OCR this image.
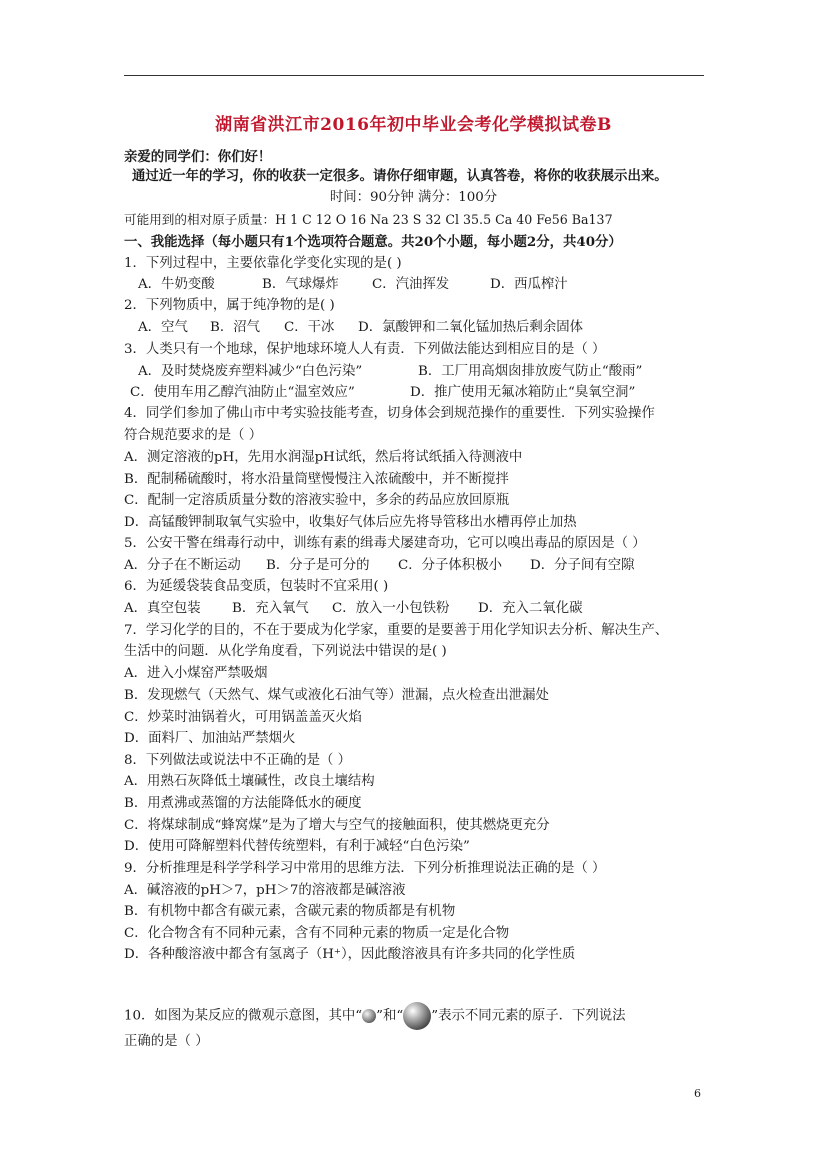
湖南省洪江市2016年初中毕业会考化学模拟试卷B
亲爱的同学们：你们好！
通过近一年的学习，你的收获一定很多。请你仔细审题，认真答卷，将你的收获展示出来。
时间：90分钟 满分：100分
可能用到的相对原子质量：H 1 C 12 O 16 Na 23 S 32 Cl 35.5 Ca 40 Fe56 Ba137
一、我能选择（每小题只有1个选项符合题意。共20个小题，每小题2分，共40分）
1．下列过程中，主要依靠化学变化实现的是( )
A．牛奶变酸	B．气球爆炸 C．汽油挥发	D．西瓜榨汁
2．下列物质中，属于纯净物的是( )
A．空气 B．沼气 C．干冰 D．氯酸钾和二氧化锰加热后剩余固体
3．人类只有一个地球，保护地球环境人人有责．下列做法能达到相应目的是（ ）
A．及时焚烧废弃塑料减少“白色污染”	B．工厂用高烟囱排放废气防止“酸雨”
C．使用车用乙醇汽油防止“温室效应”	D．推广使用无氟冰箱防止“臭氧空洞”
4．同学们参加了佛山市中考实验技能考查，切身体会到规范操作的重要性．下列实验操作
符合规范要求的是（ ）
A．测定溶液的pH，先用水润湿pH试纸，然后将试纸插入待测液中
B．配制稀硫酸时，将水沿量筒壁慢慢注入浓硫酸中，并不断搅拌
C．配制一定溶质质量分数的溶液实验中，多余的药品应放回原瓶
D．高锰酸钾制取氧气实验中，收集好气体后应先将导管移出水槽再停止加热
5．公安干警在缉毒行动中，训练有素的缉毒犬屡建奇功，它可以嗅出毒品的原因是（ ）
A．分子在不断运动 B．分子是可分的 C．分子体积极小 D．分子间有空隙
6．为延缓袋装食品变质，包装时不宜采用( )
A．真空包装 B．充入氧气 C．放入一小包铁粉 D．充入二氧化碳
7．学习化学的目的，不在于要成为化学家，重要的是要善于用化学知识去分析、解决生产、
生活中的问题．从化学角度看，下列说法中错误的是( )
A．进入小煤窑严禁吸烟
B．发现燃气（天然气、煤气或液化石油气等）泄漏，点火检查出泄漏处
C．炒菜时油锅着火，可用锅盖盖灭火焰
D．面料厂、加油站严禁烟火
8．下列做法或说法中不正确的是（ ）
A．用熟石灰降低土壤碱性，改良土壤结构
B．用煮沸或蒸馏的方法能降低水的硬度
C．将煤球制成“蜂窝煤”是为了增大与空气的接触面积，使其燃烧更充分
D．使用可降解塑料代替传统塑料，有利于减轻“白色污染”
9．分析推理是科学学科学习中常用的思维方法．下列分析推理说法正确的是（ ）
A．碱溶液的pH＞7，pH＞7的溶液都是碱溶液
B．有机物中都含有碳元素，含碳元素的物质都是有机物
C．化合物含有不同种元素，含有不同种元素的物质一定是化合物
D．各种酸溶液中都含有氢离子（H⁺），因此酸溶液具有许多共同的化学性质
10．如图为某反应的微观示意图，其中“ ”和“ ”表示不同元素的原子．下列说法
正确的是（ ）
6
